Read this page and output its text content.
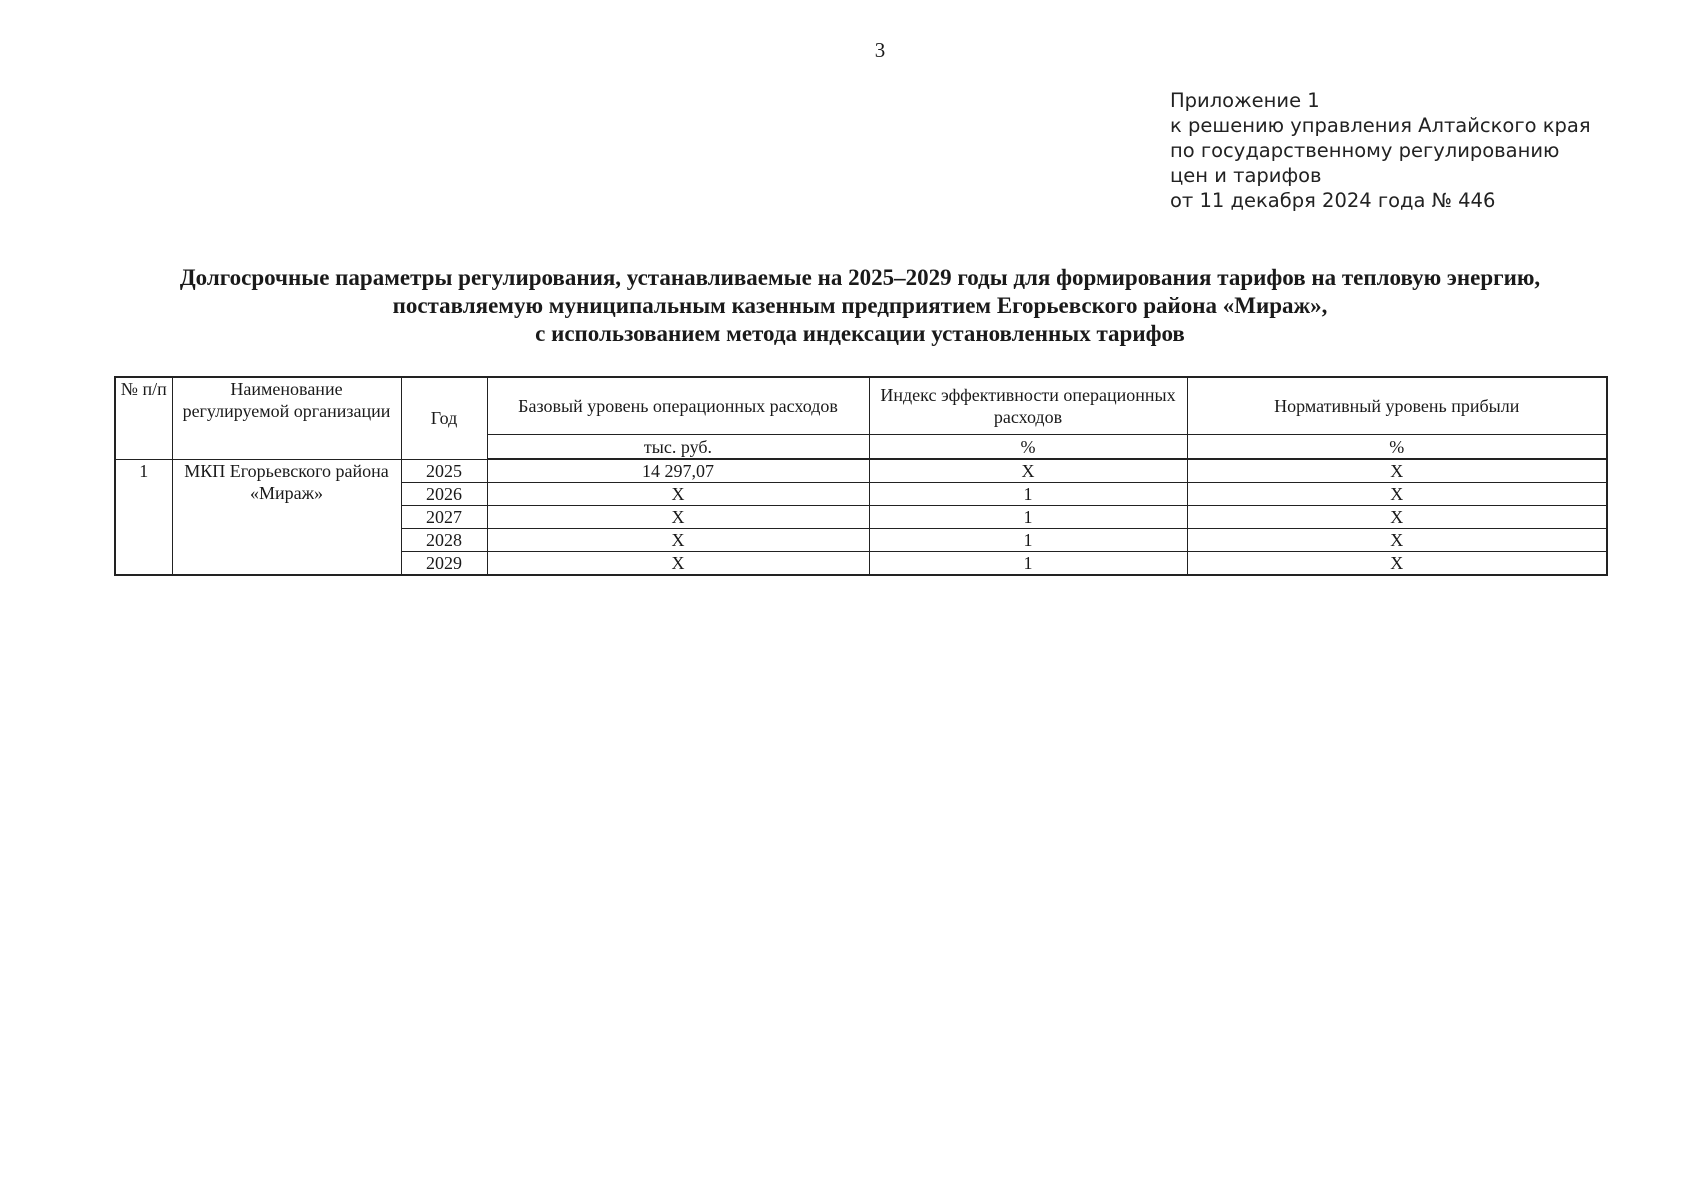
3
Приложение 1
к решению управления Алтайского края
по государственному регулированию
цен и тарифов
от 11 декабря 2024 года № 446
Долгосрочные параметры регулирования, устанавливаемые на 2025–2029 годы для формирования тарифов на тепловую энергию,
поставляемую муниципальным казенным предприятием Егорьевского района «Мираж»,
с использованием метода индексации установленных тарифов
№ п/п	Наименование регулируемой организации	Год	Базовый уровень операционных расходов	Индекс эффективности операционных расходов	Нормативный уровень прибыли
			тыс. руб.	%	%
1	МКП Егорьевского района «Мираж»	2025	14 297,07	Х	Х
		2026	Х	1	Х
		2027	Х	1	Х
		2028	Х	1	Х
		2029	Х	1	Х
